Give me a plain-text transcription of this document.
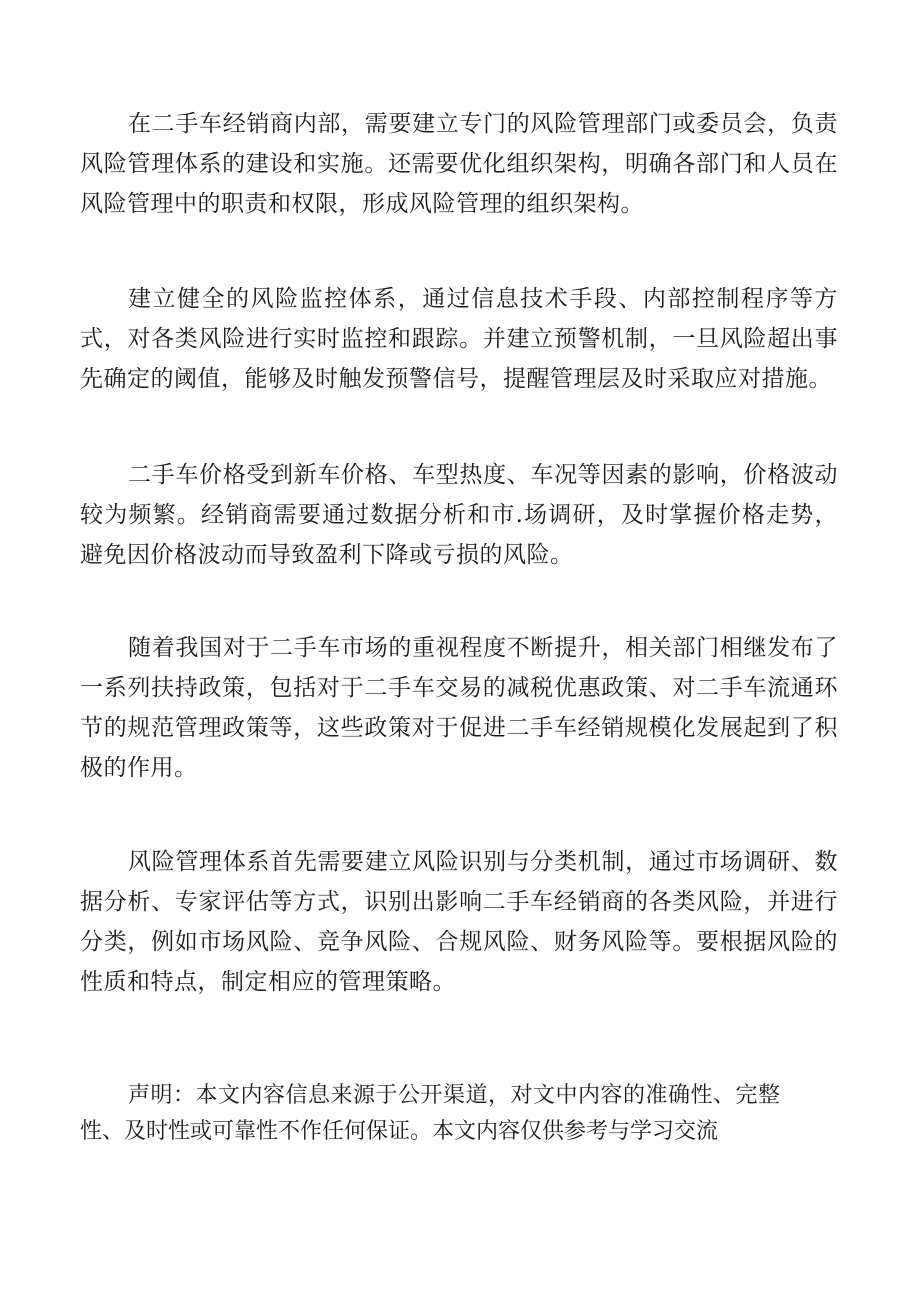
在二手车经销商内部，需要建立专门的风险管理部门或委员会，负责风险管理体系的建设和实施。还需要优化组织架构，明确各部门和人员在风险管理中的职责和权限，形成风险管理的组织架构。

建立健全的风险监控体系，通过信息技术手段、内部控制程序等方式，对各类风险进行实时监控和跟踪。并建立预警机制，一旦风险超出事先确定的阈值，能够及时触发预警信号，提醒管理层及时采取应对措施。

二手车价格受到新车价格、车型热度、车况等因素的影响，价格波动较为频繁。经销商需要通过数据分析和市.场调研，及时掌握价格走势，避免因价格波动而导致盈利下降或亏损的风险。

随着我国对于二手车市场的重视程度不断提升，相关部门相继发布了一系列扶持政策，包括对于二手车交易的减税优惠政策、对二手车流通环节的规范管理政策等，这些政策对于促进二手车经销规模化发展起到了积极的作用。

风险管理体系首先需要建立风险识别与分类机制，通过市场调研、数据分析、专家评估等方式，识别出影响二手车经销商的各类风险，并进行分类，例如市场风险、竞争风险、合规风险、财务风险等。要根据风险的性质和特点，制定相应的管理策略。

声明：本文内容信息来源于公开渠道，对文中内容的准确性、完整性、及时性或可靠性不作任何保证。本文内容仅供参考与学习交流
